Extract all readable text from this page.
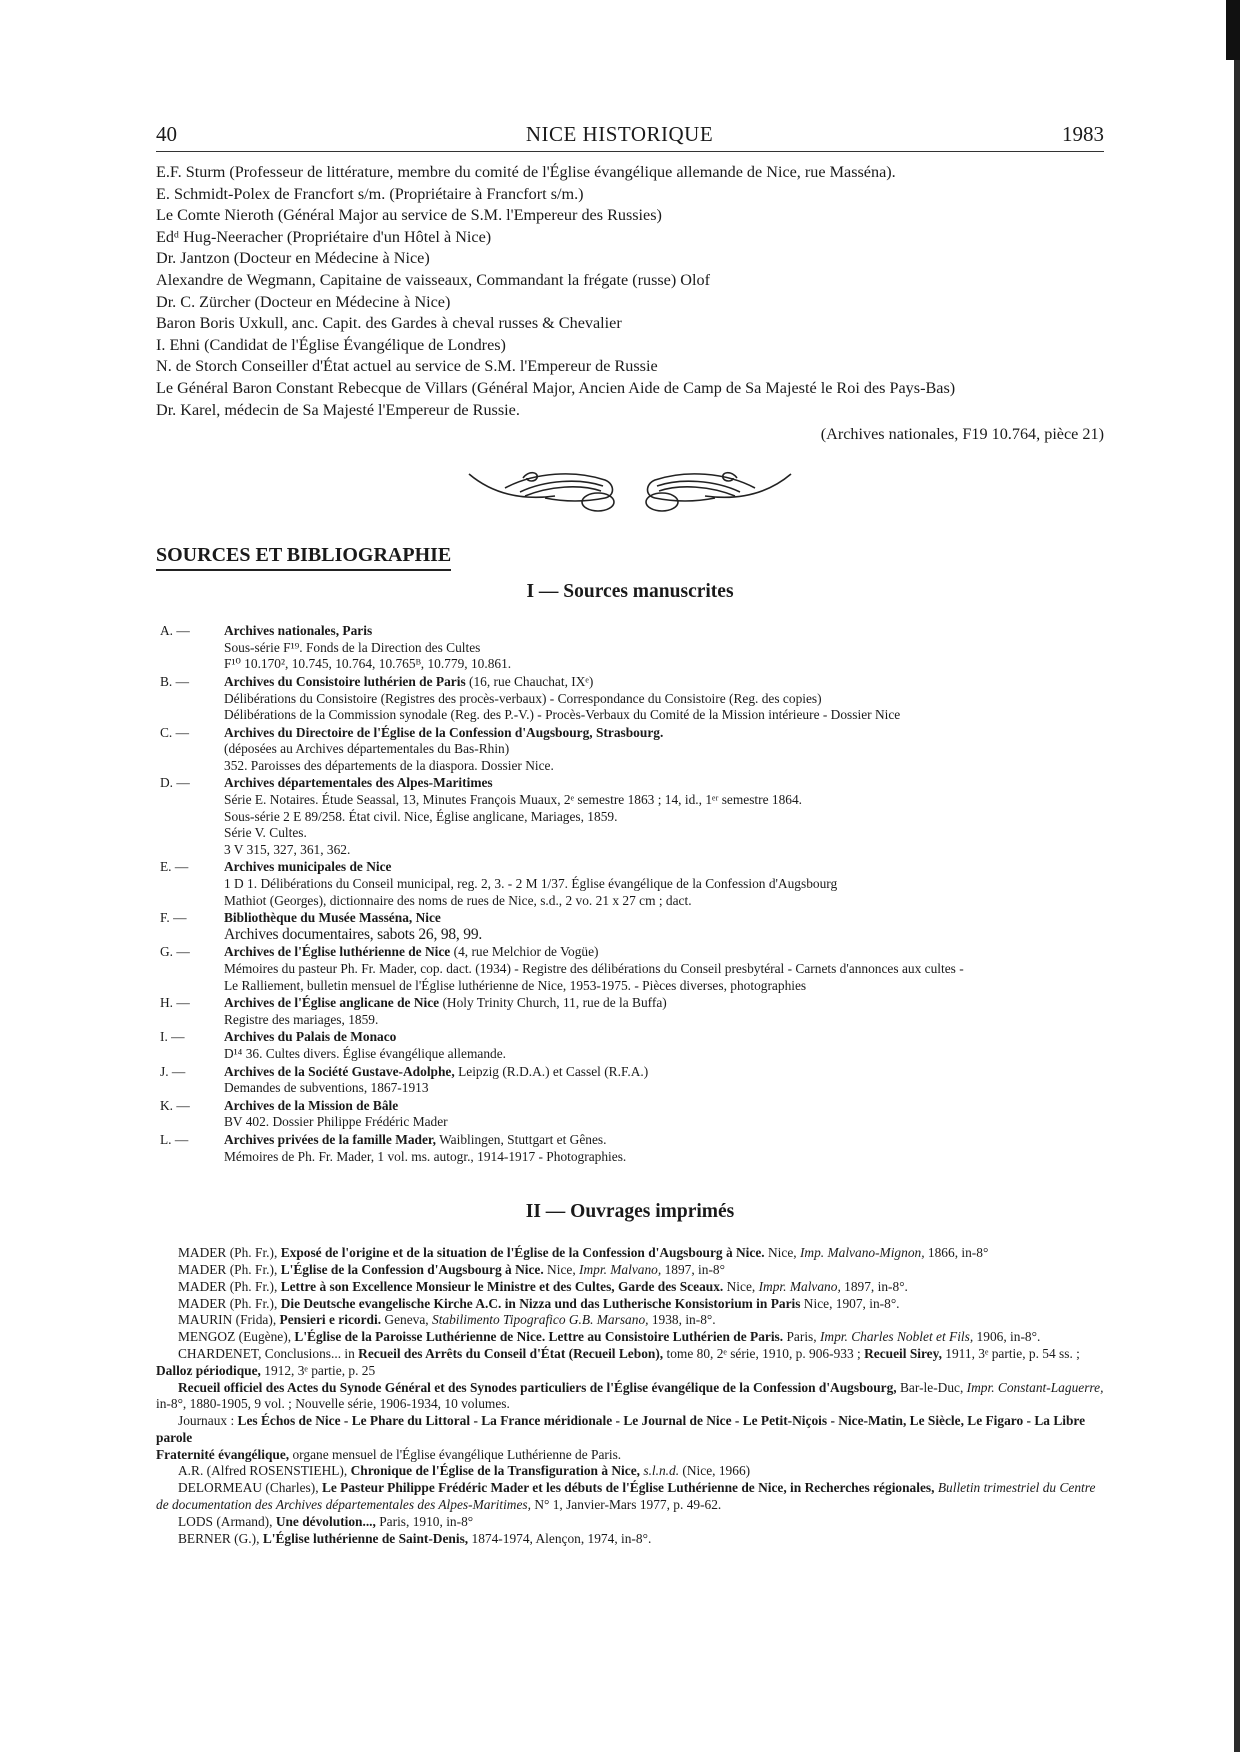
40	NICE HISTORIQUE	1983
E.F. Sturm (Professeur de littérature, membre du comité de l'Église évangélique allemande de Nice, rue Masséna).
E. Schmidt-Polex de Francfort s/m. (Propriétaire à Francfort s/m.)
Le Comte Nieroth (Général Major au service de S.M. l'Empereur des Russies)
Edᵈ Hug-Neeracher (Propriétaire d'un Hôtel à Nice)
Dr. Jantzon (Docteur en Médecine à Nice)
Alexandre de Wegmann, Capitaine de vaisseaux, Commandant la frégate (russe) Olof
Dr. C. Zürcher (Docteur en Médecine à Nice)
Baron Boris Uxkull, anc. Capit. des Gardes à cheval russes & Chevalier
I. Ehni (Candidat de l'Église Évangélique de Londres)
N. de Storch Conseiller d'État actuel au service de S.M. l'Empereur de Russie
Le Général Baron Constant Rebecque de Villars (Général Major, Ancien Aide de Camp de Sa Majesté le Roi des Pays-Bas)
Dr. Karel, médecin de Sa Majesté l'Empereur de Russie.
(Archives nationales, F19 10.764, pièce 21)
SOURCES ET BIBLIOGRAPHIE
I — Sources manuscrites
A. —	Archives nationales, Paris
Sous-série F¹⁹. Fonds de la Direction des Cultes
F¹⁰ 10.170², 10.745, 10.764, 10.765ᴮ, 10.779, 10.861.
B. —	Archives du Consistoire luthérien de Paris (16, rue Chauchat, IXᵉ)
Délibérations du Consistoire (Registres des procès-verbaux) - Correspondance du Consistoire (Reg. des copies)
Délibérations de la Commission synodale (Reg. des P.-V.) - Procès-Verbaux du Comité de la Mission intérieure - Dossier Nice
C. —	Archives du Directoire de l'Église de la Confession d'Augsbourg, Strasbourg.
(déposées au Archives départementales du Bas-Rhin)
352. Paroisses des départements de la diaspora. Dossier Nice.
D. —	Archives départementales des Alpes-Maritimes
Série E. Notaires. Étude Seassal, 13, Minutes François Muaux, 2ᵉ semestre 1863 ; 14, id., 1ᵉʳ semestre 1864.
Sous-série 2 E 89/258. État civil. Nice, Église anglicane, Mariages, 1859.
Série V. Cultes.
3 V 315, 327, 361, 362.
E. —	Archives municipales de Nice
1 D 1. Délibérations du Conseil municipal, reg. 2, 3. - 2 M 1/37. Église évangélique de la Confession d'Augsbourg
Mathiot (Georges), dictionnaire des noms de rues de Nice, s.d., 2 vo. 21 x 27 cm ; dact.
F. —	Bibliothèque du Musée Masséna, Nice
Archives documentaires, sabots 26, 98, 99.
G. —	Archives de l'Église luthérienne de Nice (4, rue Melchior de Vogüe)
Mémoires du pasteur Ph. Fr. Mader, cop. dact. (1934) - Registre des délibérations du Conseil presbytéral - Carnets d'annonces aux cultes -
Le Ralliement, bulletin mensuel de l'Église luthérienne de Nice, 1953-1975. - Pièces diverses, photographies
H. —	Archives de l'Église anglicane de Nice (Holy Trinity Church, 11, rue de la Buffa)
Registre des mariages, 1859.
I. —	Archives du Palais de Monaco
D¹⁴ 36. Cultes divers. Église évangélique allemande.
J. —	Archives de la Société Gustave-Adolphe, Leipzig (R.D.A.) et Cassel (R.F.A.)
Demandes de subventions, 1867-1913
K. —	Archives de la Mission de Bâle
BV 402. Dossier Philippe Frédéric Mader
L. —	Archives privées de la famille Mader, Waiblingen, Stuttgart et Gênes.
Mémoires de Ph. Fr. Mader, 1 vol. ms. autogr., 1914-1917 - Photographies.
II — Ouvrages imprimés
MADER (Ph. Fr.), Exposé de l'origine et de la situation de l'Église de la Confession d'Augsbourg à Nice. Nice, Imp. Malvano-Mignon, 1866, in-8°
MADER (Ph. Fr.), L'Église de la Confession d'Augsbourg à Nice. Nice, Impr. Malvano, 1897, in-8°
MADER (Ph. Fr.), Lettre à son Excellence Monsieur le Ministre et des Cultes, Garde des Sceaux. Nice, Impr. Malvano, 1897, in-8°.
MADER (Ph. Fr.), Die Deutsche evangelische Kirche A.C. in Nizza und das Lutherische Konsistorium in Paris Nice, 1907, in-8°.
MAURIN (Frida), Pensieri e ricordi. Geneva, Stabilimento Tipografico G.B. Marsano, 1938, in-8°.
MENGOZ (Eugène), L'Église de la Paroisse Luthérienne de Nice. Lettre au Consistoire Luthérien de Paris. Paris, Impr. Charles Noblet et Fils, 1906, in-8°.
CHARDENET, Conclusions... in Recueil des Arrêts du Conseil d'État (Recueil Lebon), tome 80, 2ᵉ série, 1910, p. 906-933 ; Recueil Sirey, 1911, 3ᵉ partie, p. 54 ss. ; Dalloz périodique, 1912, 3ᵉ partie, p. 25
Recueil officiel des Actes du Synode Général et des Synodes particuliers de l'Église évangélique de la Confession d'Augsbourg, Bar-le-Duc, Impr. Constant-Laguerre, in-8°, 1880-1905, 9 vol. ; Nouvelle série, 1906-1934, 10 volumes.
Journaux : Les Échos de Nice - Le Phare du Littoral - La France méridionale - Le Journal de Nice - Le Petit-Niçois - Nice-Matin, Le Siècle, Le Figaro - La Libre parole
Fraternité évangélique, organe mensuel de l'Église évangélique Luthérienne de Paris.
A.R. (Alfred ROSENSTIEHL), Chronique de l'Église de la Transfiguration à Nice, s.l.n.d. (Nice, 1966)
DELORMEAU (Charles), Le Pasteur Philippe Frédéric Mader et les débuts de l'Église Luthérienne de Nice, in Recherches régionales, Bulletin trimestriel du Centre de documentation des Archives départementales des Alpes-Maritimes, N° 1, Janvier-Mars 1977, p. 49-62.
LODS (Armand), Une dévolution..., Paris, 1910, in-8°
BERNER (G.), L'Église luthérienne de Saint-Denis, 1874-1974, Alençon, 1974, in-8°.
